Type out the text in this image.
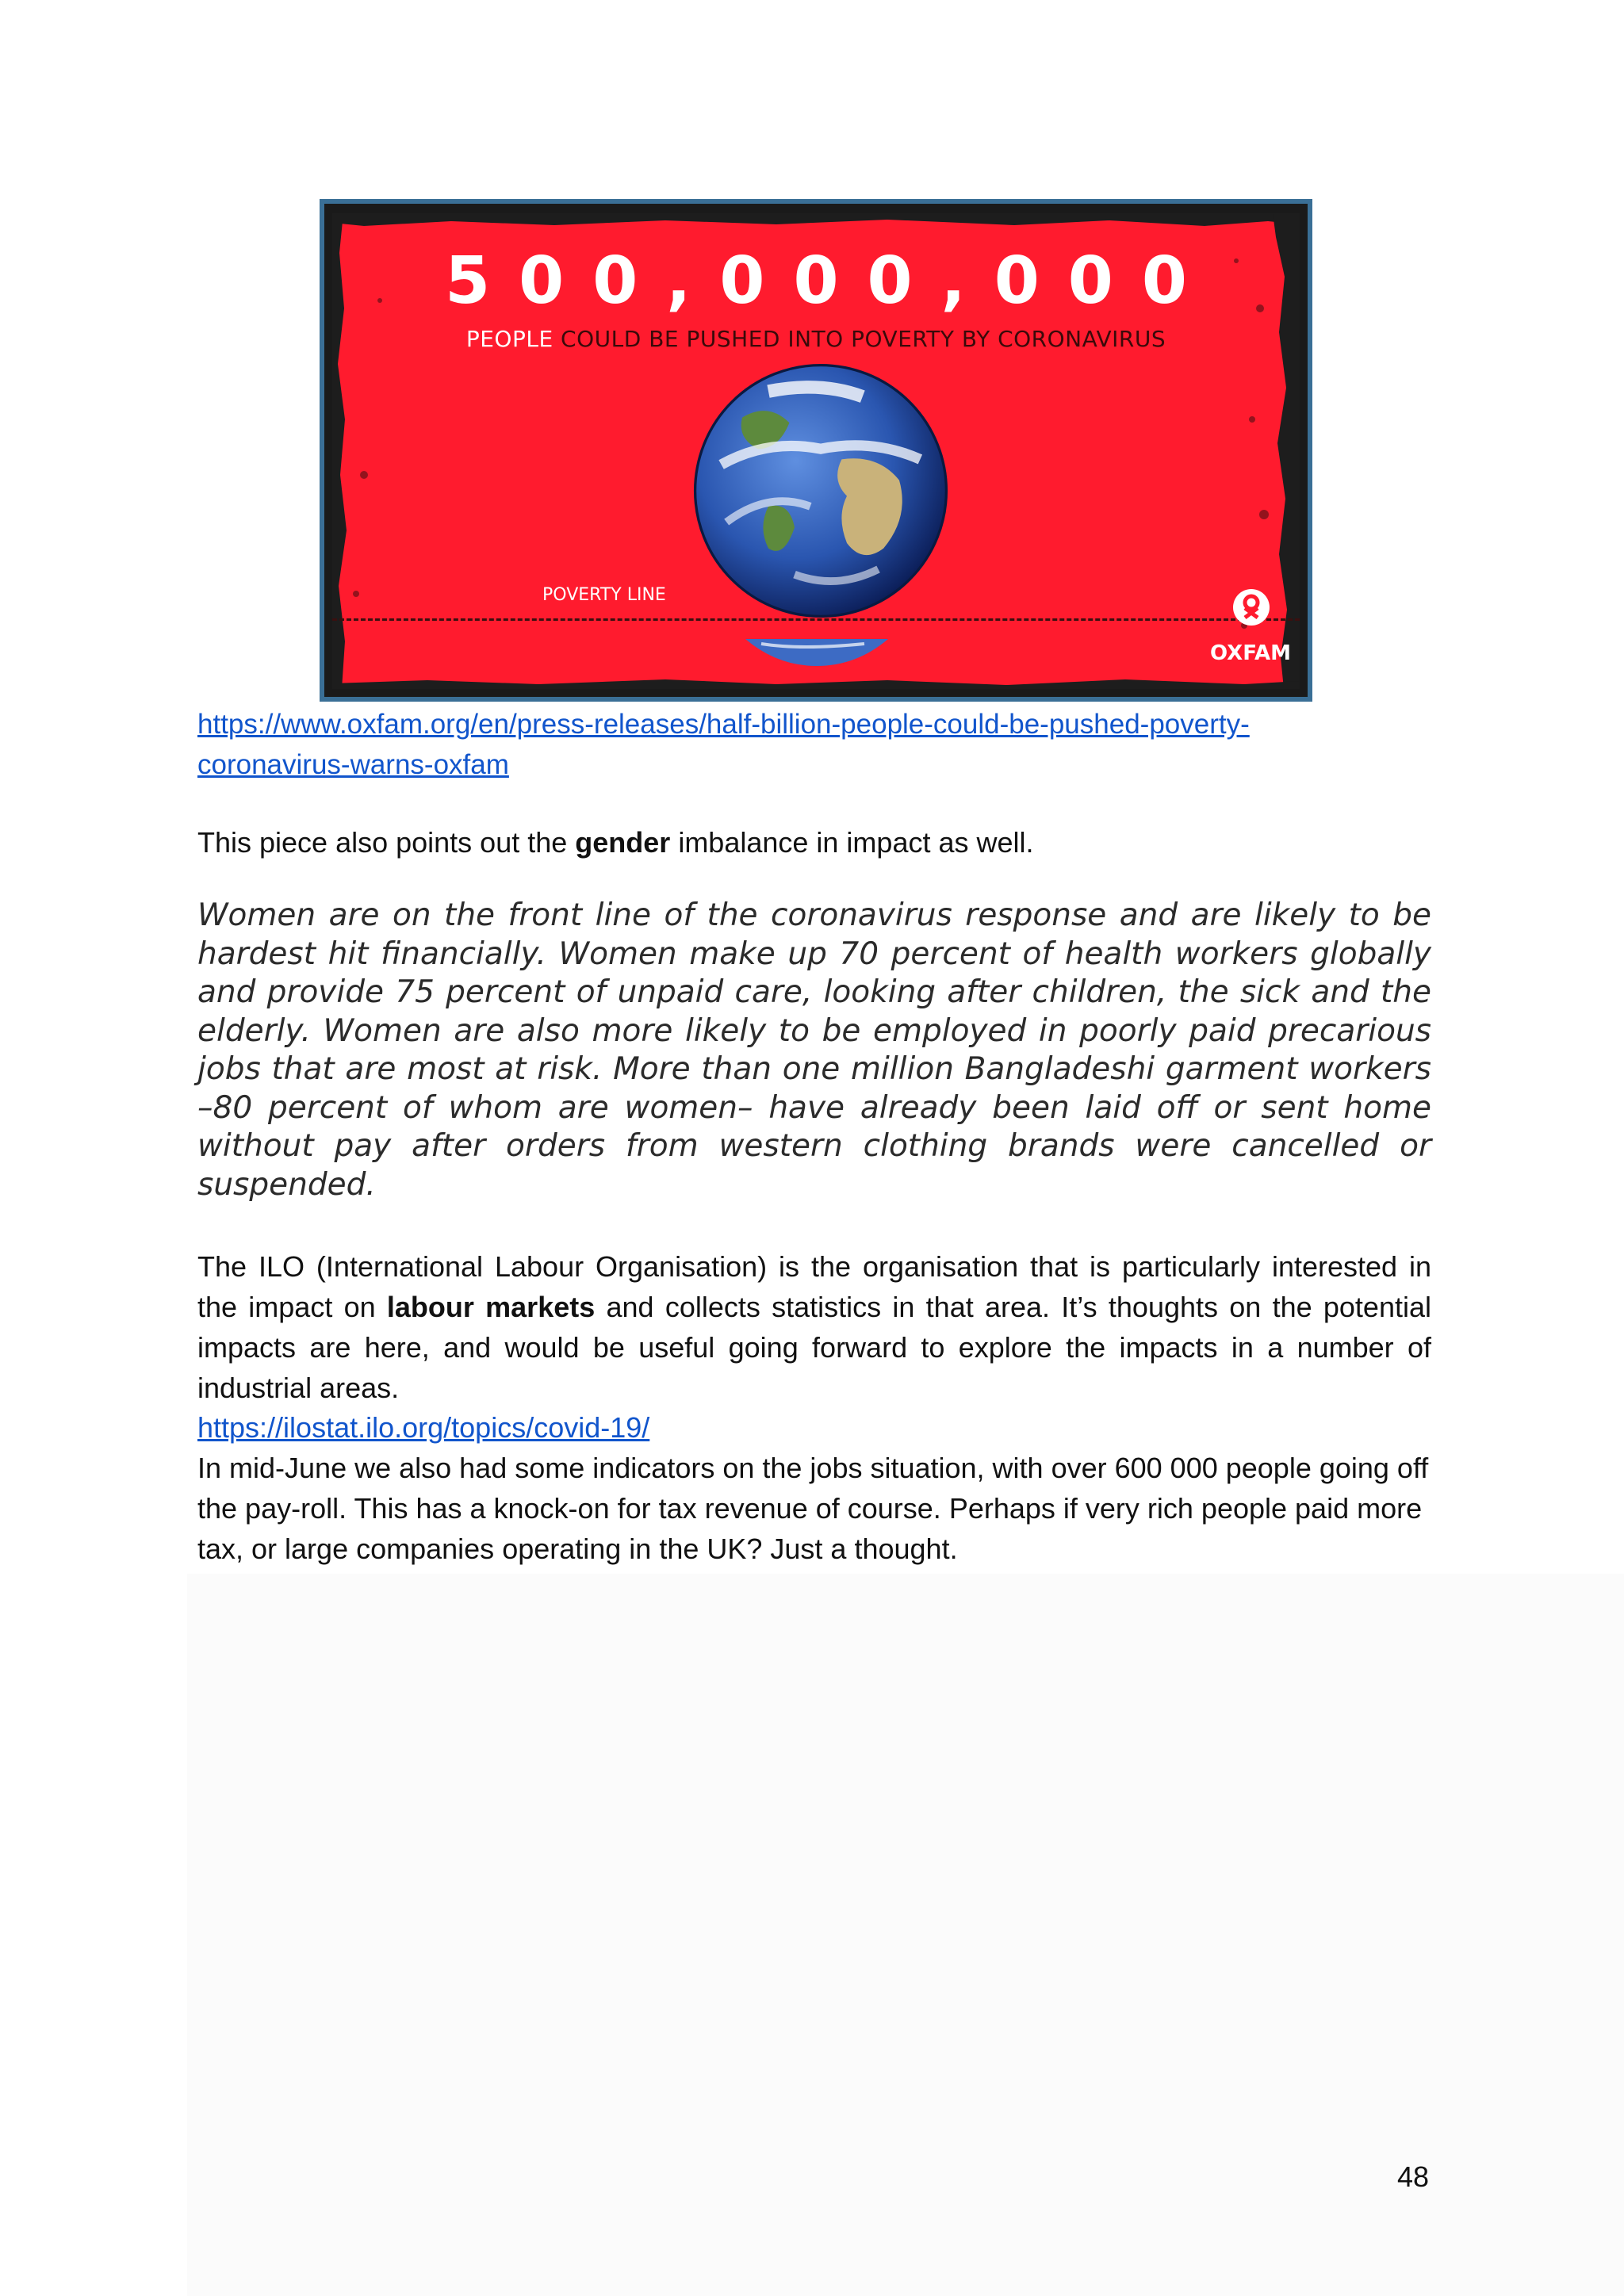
500,000,000
PEOPLE COULD BE PUSHED INTO POVERTY BY CORONAVIRUS
POVERTY LINE
OXFAM
https://www.oxfam.org/en/press-releases/half-billion-people-could-be-pushed-poverty-
coronavirus-warns-oxfam
This piece also points out the gender imbalance in impact as well.
Women are on the front line of the coronavirus response and are likely to be hardest hit financially. Women make up 70 percent of health workers globally and provide 75 percent of unpaid care, looking after children, the sick and the elderly. Women are also more likely to be employed in poorly paid precarious jobs that are most at risk. More than one million Bangladeshi garment workers –80 percent of whom are women– have already been laid off or sent home without pay after orders from western clothing brands were cancelled or suspended.
The ILO (International Labour Organisation) is the organisation that is particularly interested in the impact on labour markets and collects statistics in that area. It’s thoughts on the potential impacts are here, and would be useful going forward to explore the impacts in a number of industrial areas.
https://ilostat.ilo.org/topics/covid-19/
In mid-June we also had some indicators on the jobs situation, with over 600 000 people going off the pay-roll. This has a knock-on for tax revenue of course. Perhaps if very rich people paid more tax, or large companies operating in the UK? Just a thought.
48
